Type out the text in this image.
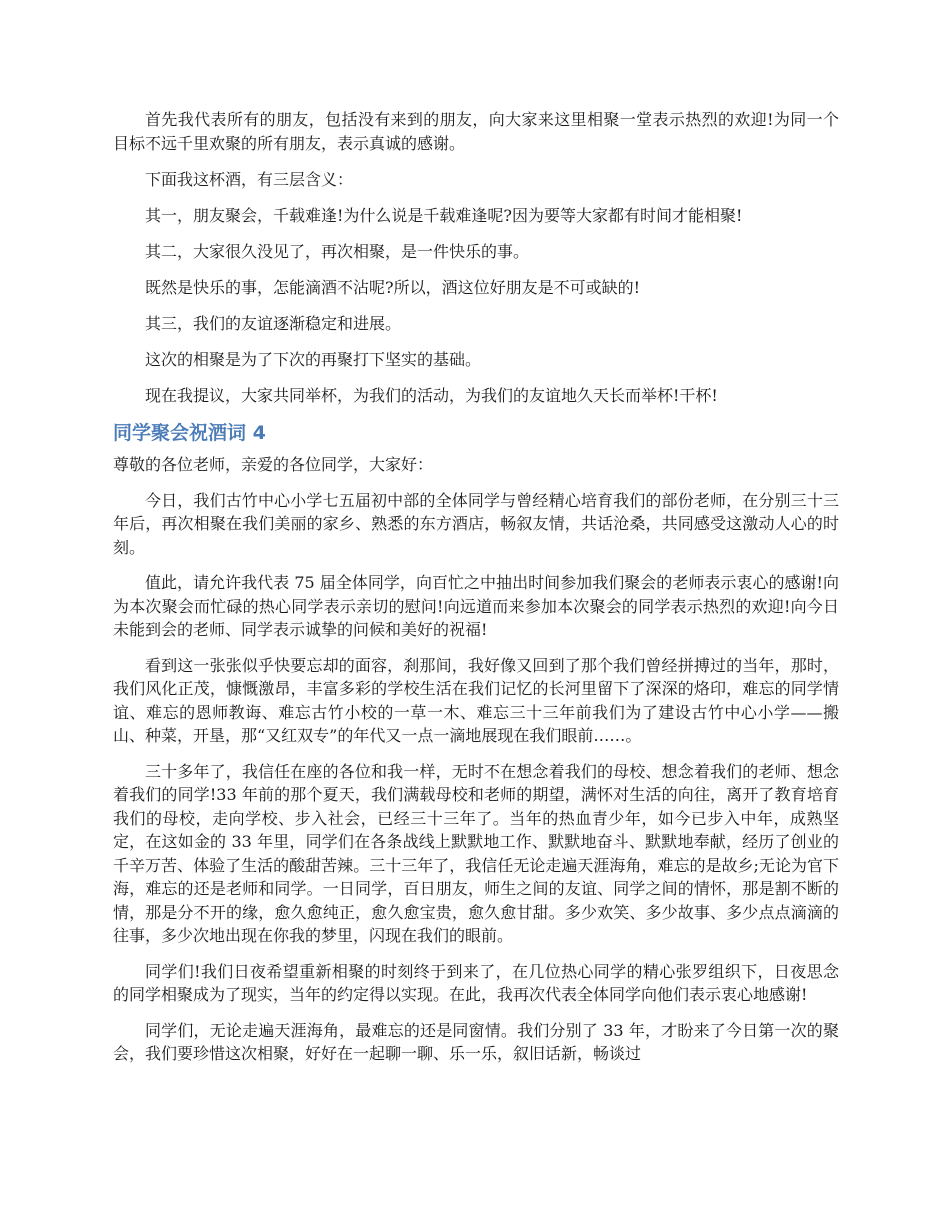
首先我代表所有的朋友，包括没有来到的朋友，向大家来这里相聚一堂表示热烈的欢迎!为同一个目标不远千里欢聚的所有朋友，表示真诚的感谢。

下面我这杯酒，有三层含义：

其一，朋友聚会，千载难逢!为什么说是千载难逢呢?因为要等大家都有时间才能相聚!

其二，大家很久没见了，再次相聚，是一件快乐的事。

既然是快乐的事，怎能滴酒不沾呢?所以，酒这位好朋友是不可或缺的!

其三，我们的友谊逐渐稳定和进展。

这次的相聚是为了下次的再聚打下坚实的基础。

现在我提议，大家共同举杯，为我们的活动，为我们的友谊地久天长而举杯!干杯!

同学聚会祝酒词 4

尊敬的各位老师，亲爱的各位同学，大家好：

今日，我们古竹中心小学七五届初中部的全体同学与曾经精心培育我们的部份老师，在分别三十三年后，再次相聚在我们美丽的家乡、熟悉的东方酒店，畅叙友情，共话沧桑，共同感受这激动人心的时刻。

值此，请允许我代表 75 届全体同学，向百忙之中抽出时间参加我们聚会的老师表示衷心的感谢!向为本次聚会而忙碌的热心同学表示亲切的慰问!向远道而来参加本次聚会的同学表示热烈的欢迎!向今日未能到会的老师、同学表示诚挚的问候和美好的祝福!

看到这一张张似乎快要忘却的面容，刹那间，我好像又回到了那个我们曾经拼搏过的当年，那时，我们风化正茂，慷慨激昂，丰富多彩的学校生活在我们记忆的长河里留下了深深的烙印，难忘的同学情谊、难忘的恩师教诲、难忘古竹小校的一草一木、难忘三十三年前我们为了建设古竹中心小学——搬山、种菜，开垦，那“又红双专”的年代又一点一滴地展现在我们眼前……。

三十多年了，我信任在座的各位和我一样，无时不在想念着我们的母校、想念着我们的老师、想念着我们的同学!33 年前的那个夏天，我们满载母校和老师的期望，满怀对生活的向往，离开了教育培育我们的母校，走向学校、步入社会，已经三十三年了。当年的热血青少年，如今已步入中年，成熟坚定，在这如金的 33 年里，同学们在各条战线上默默地工作、默默地奋斗、默默地奉献，经历了创业的千辛万苦、体验了生活的酸甜苦辣。三十三年了，我信任无论走遍天涯海角，难忘的是故乡;无论为官下海，难忘的还是老师和同学。一日同学，百日朋友，师生之间的友谊、同学之间的情怀，那是割不断的情，那是分不开的缘，愈久愈纯正，愈久愈宝贵，愈久愈甘甜。多少欢笑、多少故事、多少点点滴滴的往事，多少次地出现在你我的梦里，闪现在我们的眼前。

同学们!我们日夜希望重新相聚的时刻终于到来了，在几位热心同学的精心张罗组织下，日夜思念的同学相聚成为了现实，当年的约定得以实现。在此，我再次代表全体同学向他们表示衷心地感谢!

同学们，无论走遍天涯海角，最难忘的还是同窗情。我们分别了 33 年，才盼来了今日第一次的聚会，我们要珍惜这次相聚，好好在一起聊一聊、乐一乐，叙旧话新，畅谈过
